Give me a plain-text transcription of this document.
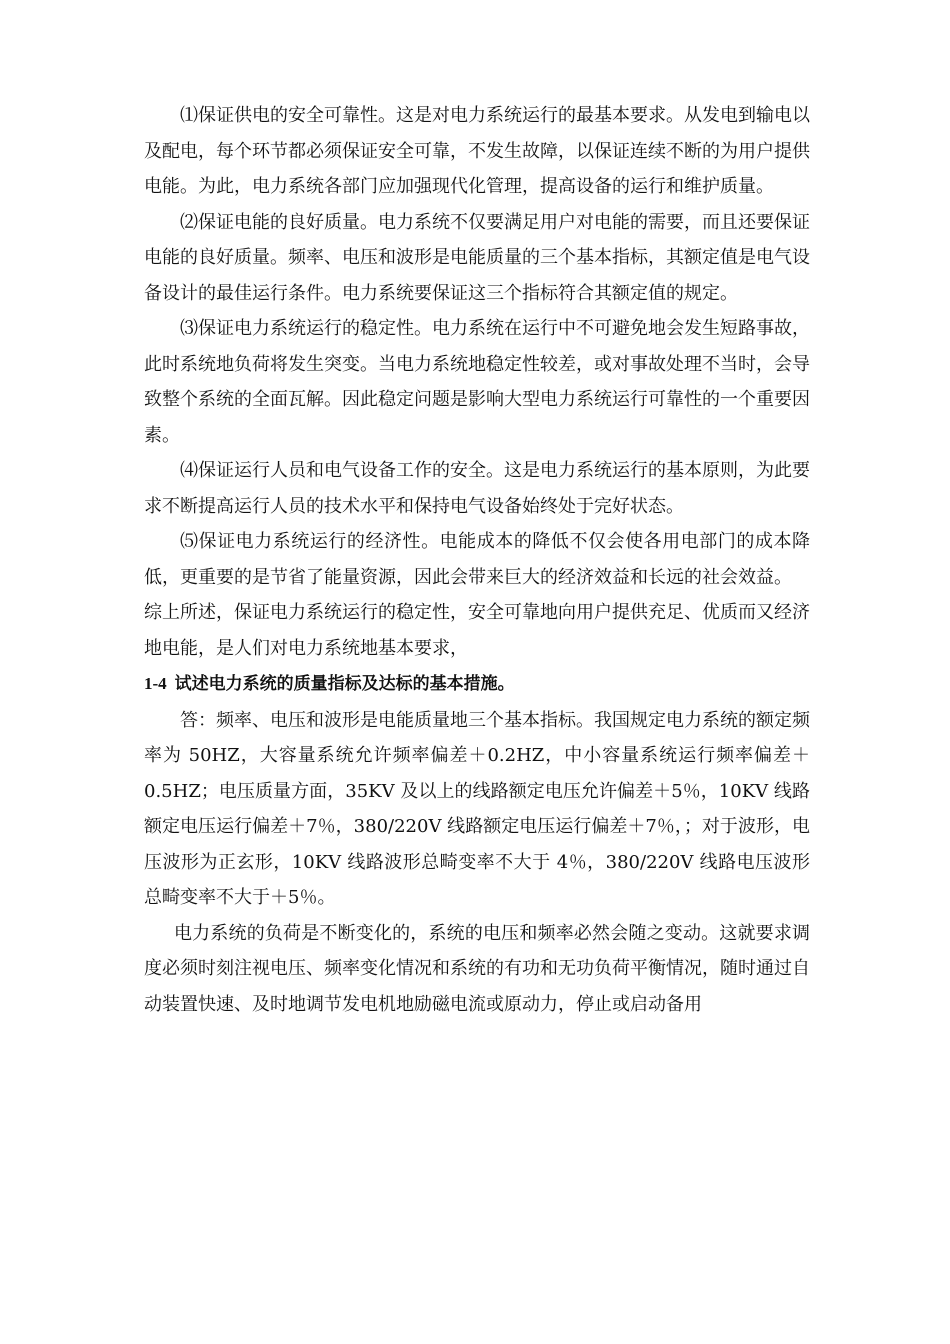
⑴保证供电的安全可靠性。这是对电力系统运行的最基本要求。从发电到输电以及配电，每个环节都必须保证安全可靠，不发生故障，以保证连续不断的为用户提供电能。为此，电力系统各部门应加强现代化管理，提高设备的运行和维护质量。

⑵保证电能的良好质量。电力系统不仅要满足用户对电能的需要，而且还要保证电能的良好质量。频率、电压和波形是电能质量的三个基本指标，其额定值是电气设备设计的最佳运行条件。电力系统要保证这三个指标符合其额定值的规定。

⑶保证电力系统运行的稳定性。电力系统在运行中不可避免地会发生短路事故，此时系统地负荷将发生突变。当电力系统地稳定性较差，或对事故处理不当时，会导致整个系统的全面瓦解。因此稳定问题是影响大型电力系统运行可靠性的一个重要因素。

⑷保证运行人员和电气设备工作的安全。这是电力系统运行的基本原则，为此要求不断提高运行人员的技术水平和保持电气设备始终处于完好状态。

⑸保证电力系统运行的经济性。电能成本的降低不仅会使各用电部门的成本降低，更重要的是节省了能量资源，因此会带来巨大的经济效益和长远的社会效益。

综上所述，保证电力系统运行的稳定性，安全可靠地向用户提供充足、优质而又经济地电能，是人们对电力系统地基本要求，

1-4 试述电力系统的质量指标及达标的基本措施。

答：频率、电压和波形是电能质量地三个基本指标。我国规定电力系统的额定频率为 50HZ，大容量系统允许频率偏差＋0.2HZ，中小容量系统运行频率偏差＋0.5HZ；电压质量方面，35KV 及以上的线路额定电压允许偏差＋5％，10KV 线路额定电压运行偏差＋7％，380/220V 线路额定电压运行偏差＋7％，；对于波形，电压波形为正玄形，10KV 线路波形总畸变率不大于 4％，380/220V 线路电压波形总畸变率不大于＋5％。

电力系统的负荷是不断变化的，系统的电压和频率必然会随之变动。这就要求调度必须时刻注视电压、频率变化情况和系统的有功和无功负荷平衡情况，随时通过自动装置快速、及时地调节发电机地励磁电流或原动力，停止或启动备用
